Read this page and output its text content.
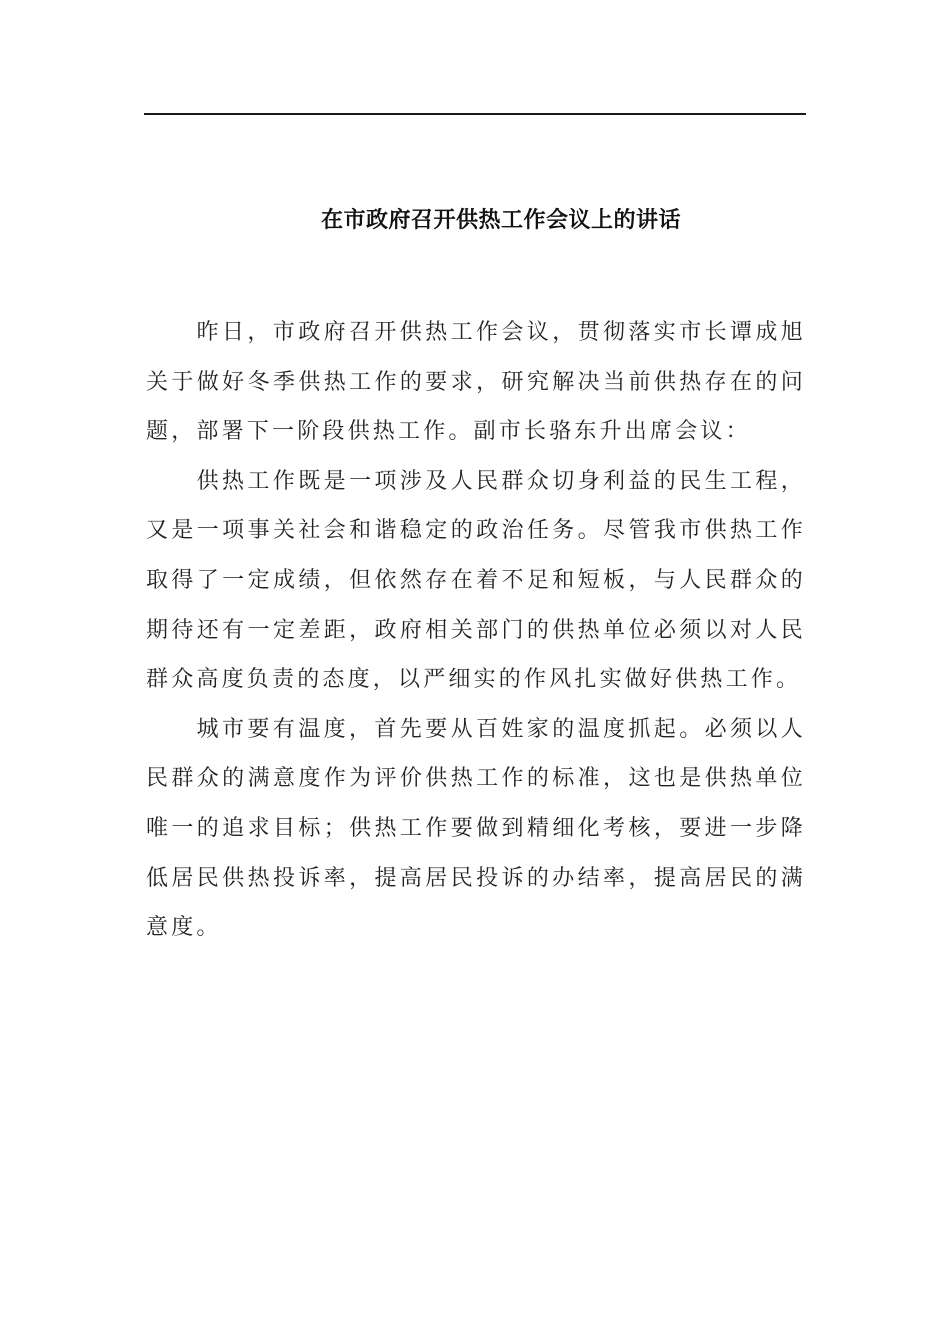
在市政府召开供热工作会议上的讲话

昨日，市政府召开供热工作会议，贯彻落实市长谭成旭关于做好冬季供热工作的要求，研究解决当前供热存在的问题，部署下一阶段供热工作。副市长骆东升出席会议：

供热工作既是一项涉及人民群众切身利益的民生工程，又是一项事关社会和谐稳定的政治任务。尽管我市供热工作取得了一定成绩，但依然存在着不足和短板，与人民群众的期待还有一定差距，政府相关部门的供热单位必须以对人民群众高度负责的态度，以严细实的作风扎实做好供热工作。

城市要有温度，首先要从百姓家的温度抓起。必须以人民群众的满意度作为评价供热工作的标准，这也是供热单位唯一的追求目标；供热工作要做到精细化考核，要进一步降低居民供热投诉率，提高居民投诉的办结率，提高居民的满意度。
